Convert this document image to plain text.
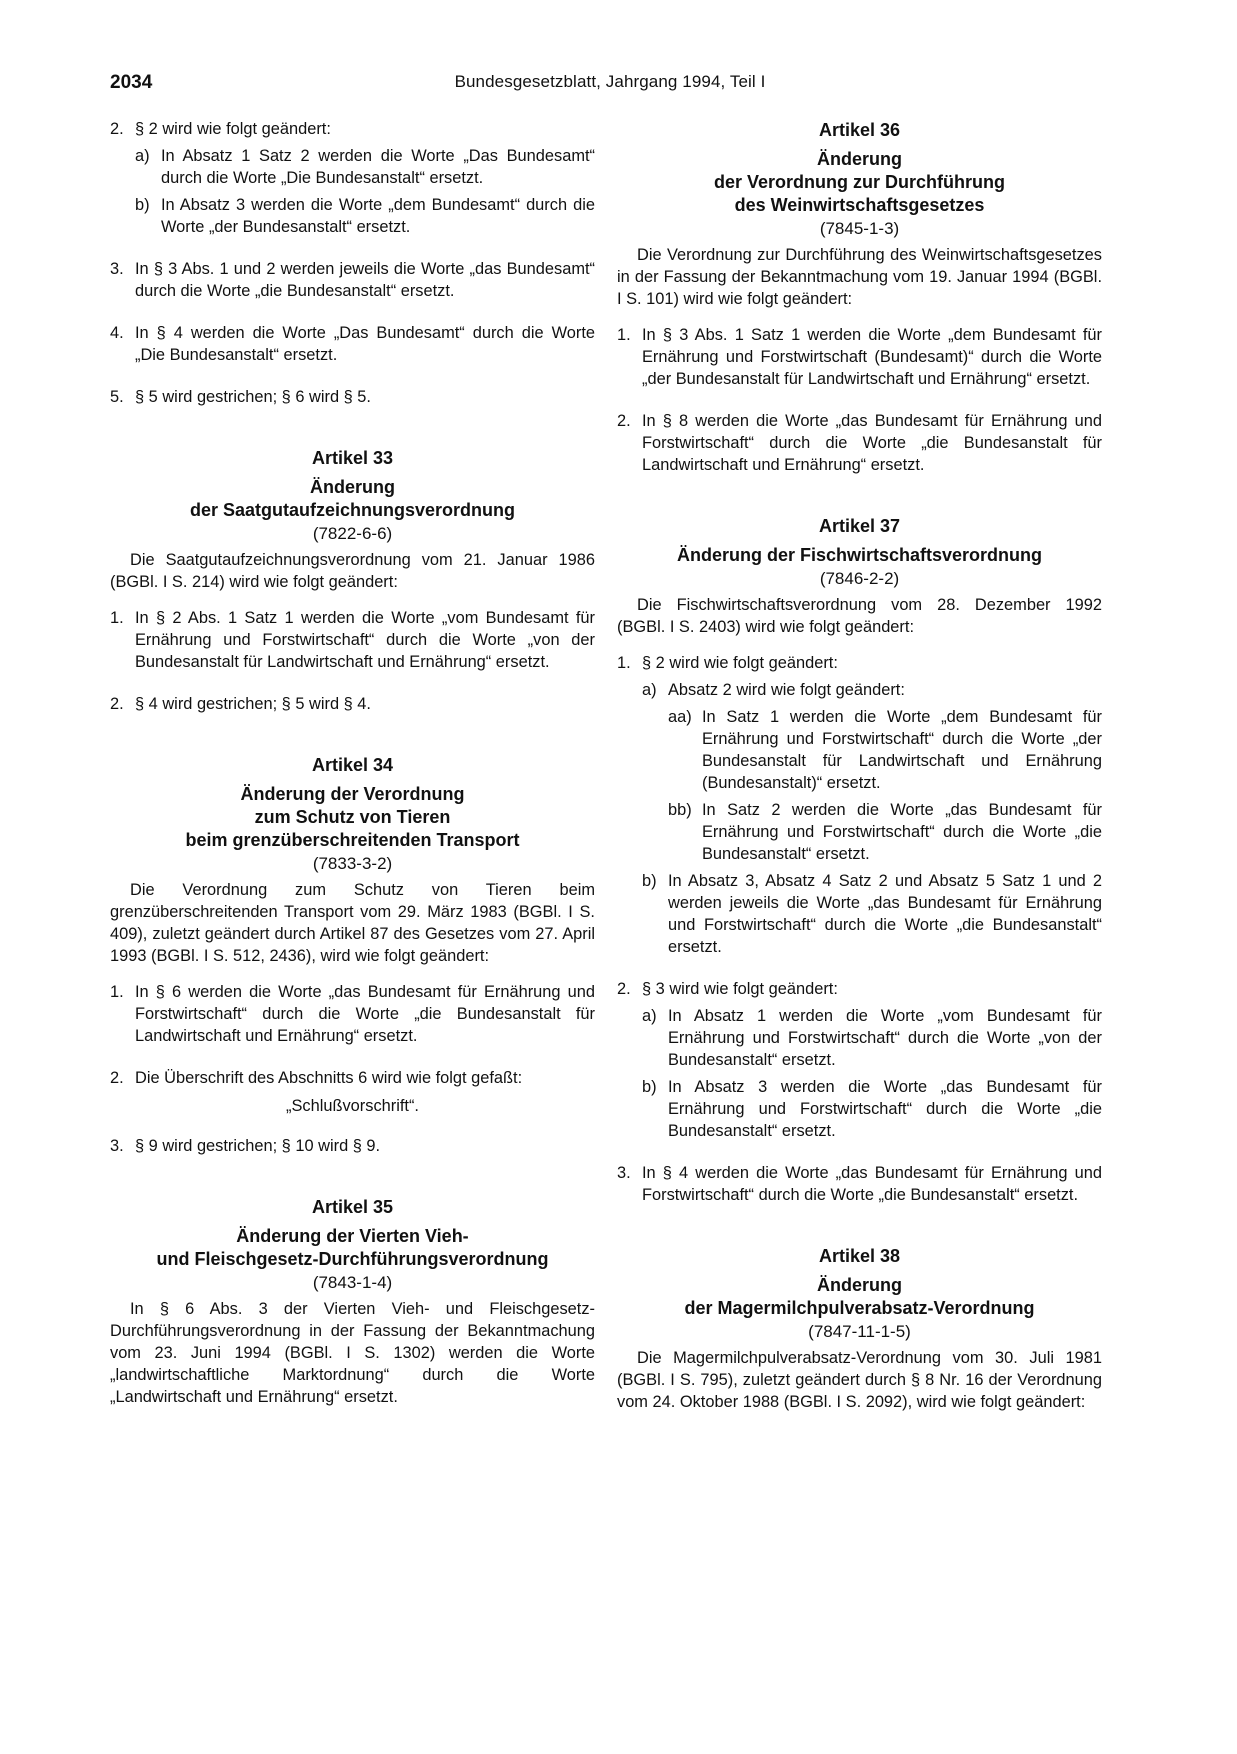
2034	Bundesgesetzblatt, Jahrgang 1994, Teil I
2. § 2 wird wie folgt geändert:
a) In Absatz 1 Satz 2 werden die Worte „Das Bundesamt“ durch die Worte „Die Bundesanstalt“ ersetzt.
b) In Absatz 3 werden die Worte „dem Bundesamt“ durch die Worte „der Bundesanstalt“ ersetzt.
3. In § 3 Abs. 1 und 2 werden jeweils die Worte „das Bundesamt“ durch die Worte „die Bundesanstalt“ ersetzt.
4. In § 4 werden die Worte „Das Bundesamt“ durch die Worte „Die Bundesanstalt“ ersetzt.
5. § 5 wird gestrichen; § 6 wird § 5.

Artikel 33

Änderung

der Saatgutaufzeichnungsverordnung

(7822-6-6)

Die Saatgutaufzeichnungsverordnung vom 21. Januar 1986 (BGBl. I S. 214) wird wie folgt geändert:

1. In § 2 Abs. 1 Satz 1 werden die Worte „vom Bundesamt für Ernährung und Forstwirtschaft“ durch die Worte „von der Bundesanstalt für Landwirtschaft und Ernährung“ ersetzt.
2. § 4 wird gestrichen; § 5 wird § 4.

Artikel 34

Änderung der Verordnung

zum Schutz von Tieren

beim grenzüberschreitenden Transport

(7833-3-2)

Die Verordnung zum Schutz von Tieren beim grenzüberschreitenden Transport vom 29. März 1983 (BGBl. I S. 409), zuletzt geändert durch Artikel 87 des Gesetzes vom 27. April 1993 (BGBl. I S. 512, 2436), wird wie folgt geändert:

1. In § 6 werden die Worte „das Bundesamt für Ernährung und Forstwirtschaft“ durch die Worte „die Bundesanstalt für Landwirtschaft und Ernährung“ ersetzt.
2. Die Überschrift des Abschnitts 6 wird wie folgt gefaßt:

„Schlußvorschrift“.

3. § 9 wird gestrichen; § 10 wird § 9.

Artikel 35

Änderung der Vierten Vieh-

und Fleischgesetz-Durchführungsverordnung

(7843-1-4)

In § 6 Abs. 3 der Vierten Vieh- und Fleischgesetz-Durchführungsverordnung in der Fassung der Bekanntmachung vom 23. Juni 1994 (BGBl. I S. 1302) werden die Worte „landwirtschaftliche Marktordnung“ durch die Worte „Landwirtschaft und Ernährung“ ersetzt.

Artikel 36

Änderung

der Verordnung zur Durchführung

des Weinwirtschaftsgesetzes

(7845-1-3)

Die Verordnung zur Durchführung des Weinwirtschaftsgesetzes in der Fassung der Bekanntmachung vom 19. Januar 1994 (BGBl. I S. 101) wird wie folgt geändert:

1. In § 3 Abs. 1 Satz 1 werden die Worte „dem Bundesamt für Ernährung und Forstwirtschaft (Bundesamt)“ durch die Worte „der Bundesanstalt für Landwirtschaft und Ernährung“ ersetzt.
2. In § 8 werden die Worte „das Bundesamt für Ernährung und Forstwirtschaft“ durch die Worte „die Bundesanstalt für Landwirtschaft und Ernährung“ ersetzt.

Artikel 37

Änderung der Fischwirtschaftsverordnung

(7846-2-2)

Die Fischwirtschaftsverordnung vom 28. Dezember 1992 (BGBl. I S. 2403) wird wie folgt geändert:

1. § 2 wird wie folgt geändert:
a) Absatz 2 wird wie folgt geändert:
aa) In Satz 1 werden die Worte „dem Bundesamt für Ernährung und Forstwirtschaft“ durch die Worte „der Bundesanstalt für Landwirtschaft und Ernährung (Bundesanstalt)“ ersetzt.
bb) In Satz 2 werden die Worte „das Bundesamt für Ernährung und Forstwirtschaft“ durch die Worte „die Bundesanstalt“ ersetzt.
b) In Absatz 3, Absatz 4 Satz 2 und Absatz 5 Satz 1 und 2 werden jeweils die Worte „das Bundesamt für Ernährung und Forstwirtschaft“ durch die Worte „die Bundesanstalt“ ersetzt.
2. § 3 wird wie folgt geändert:
a) In Absatz 1 werden die Worte „vom Bundesamt für Ernährung und Forstwirtschaft“ durch die Worte „von der Bundesanstalt“ ersetzt.
b) In Absatz 3 werden die Worte „das Bundesamt für Ernährung und Forstwirtschaft“ durch die Worte „die Bundesanstalt“ ersetzt.
3. In § 4 werden die Worte „das Bundesamt für Ernährung und Forstwirtschaft“ durch die Worte „die Bundesanstalt“ ersetzt.

Artikel 38

Änderung

der Magermilchpulverabsatz-Verordnung

(7847-11-1-5)

Die Magermilchpulverabsatz-Verordnung vom 30. Juli 1981 (BGBl. I S. 795), zuletzt geändert durch § 8 Nr. 16 der Verordnung vom 24. Oktober 1988 (BGBl. I S. 2092), wird wie folgt geändert:
